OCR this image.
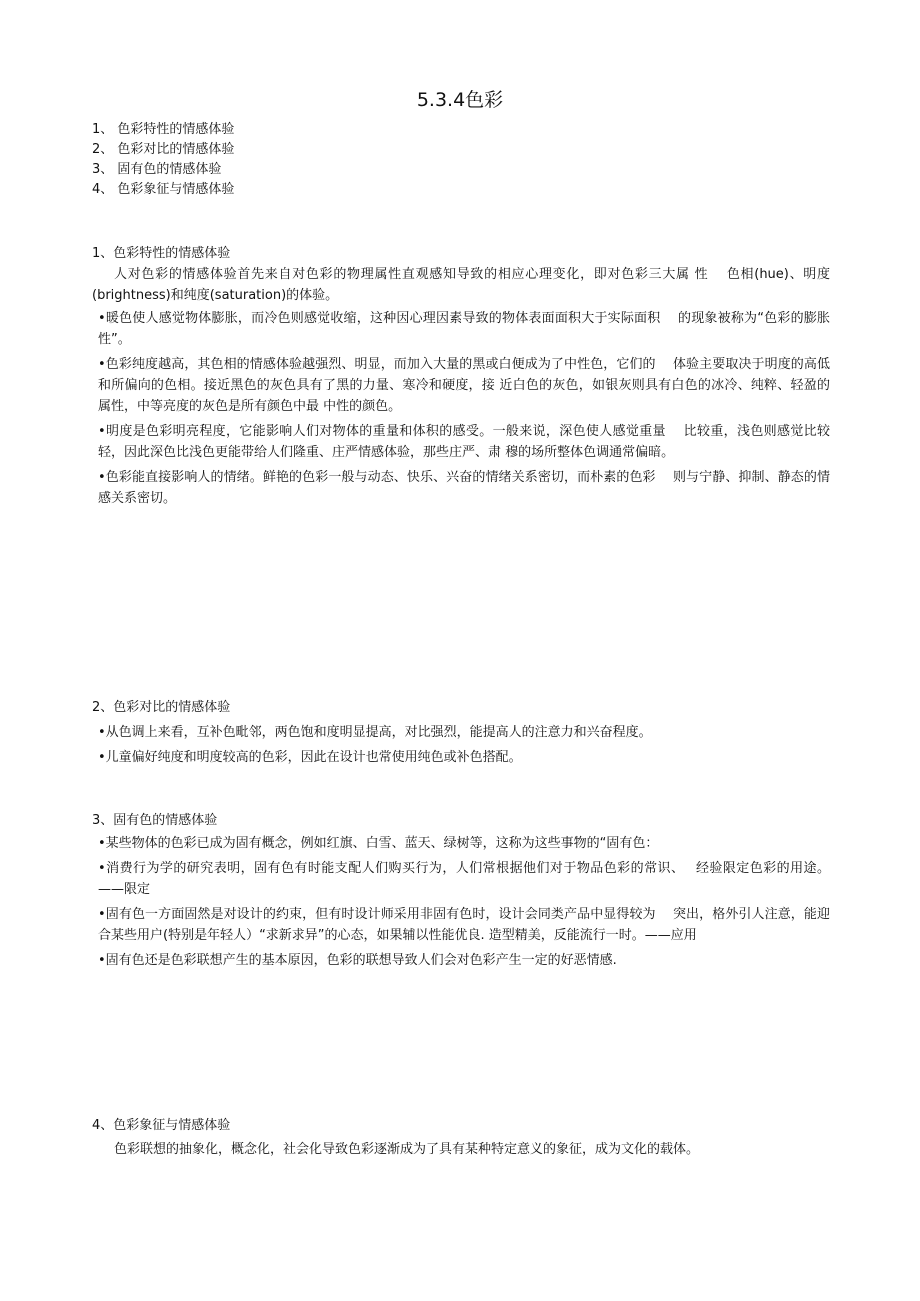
5.3.4色彩
1、 色彩特性的情感体验
2、 色彩对比的情感体验
3、 固有色的情感体验
4、 色彩象征与情感体验
1、色彩特性的情感体验

人对色彩的情感体验首先来自对色彩的物理属性直观感知导致的相应心理变化，即对色彩三大属 性　 色相(hue)、明度(brightness)和纯度(saturation)的体验。

•暖色使人感觉物体膨胀，而冷色则感觉收缩，这种因心理因素导致的物体表面面积大于实际面积　 的现象被称为“色彩的膨胀性”。
•色彩纯度越高，其色相的情感体验越强烈、明显，而加入大量的黑或白便成为了中性色，它们的　 体验主要取决于明度的高低和所偏向的色相。接近黑色的灰色具有了黑的力量、寒冷和硬度，接 近白色的灰色，如银灰则具有白色的冰冷、纯粹、轻盈的属性，中等亮度的灰色是所有颜色中最 中性的颜色。
•明度是色彩明亮程度，它能影响人们对物体的重量和体积的感受。一般来说，深色使人感觉重量　 比较重，浅色则感觉比较轻，因此深色比浅色更能带给人们隆重、庄严情感体验，那些庄严、肃 穆的场所整体色调通常偏暗。
•色彩能直接影响人的情绪。鲜艳的色彩一般与动态、快乐、兴奋的情绪关系密切，而朴素的色彩　 则与宁静、抑制、静态的情感关系密切。
2、色彩对比的情感体验
•从色调上来看，互补色毗邻，两色饱和度明显提高，对比强烈，能提高人的注意力和兴奋程度。
•儿童偏好纯度和明度较高的色彩，因此在设计也常使用纯色或补色搭配。
3、固有色的情感体验
•某些物体的色彩已成为固有概念，例如红旗、白雪、蓝天、绿树等，这称为这些事物的“固有色：
•消费行为学的研究表明，固有色有时能支配人们购买行为，人们常根据他们对于物品色彩的常识、　 经验限定色彩的用途。——限定
•固有色一方面固然是对设计的约束，但有时设计师采用非固有色时，设计会同类产品中显得较为　 突出，格外引人注意，能迎合某些用户(特别是年轻人）“求新求异”的心态，如果辅以性能优良. 造型精美，反能流行一时。——应用
•固有色还是色彩联想产生的基本原因，色彩的联想导致人们会对色彩产生一定的好恶情感.
4、色彩象征与情感体验

色彩联想的抽象化，概念化，社会化导致色彩逐渐成为了具有某种特定意义的象征，成为文化的载体。
